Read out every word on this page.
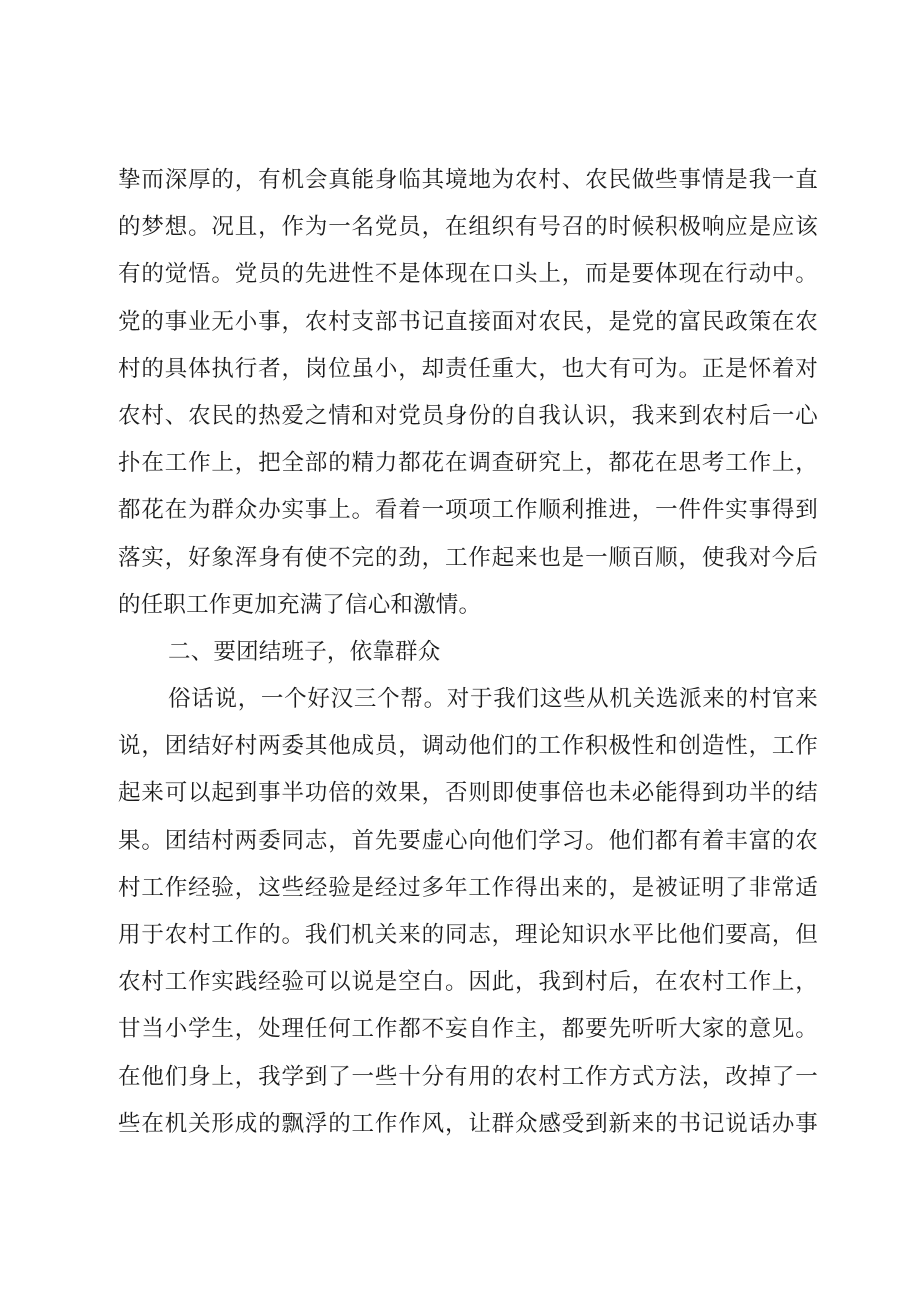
挚而深厚的，有机会真能身临其境地为农村、农民做些事情是我一直
的梦想。况且，作为一名党员，在组织有号召的时候积极响应是应该
有的觉悟。党员的先进性不是体现在口头上，而是要体现在行动中。
党的事业无小事，农村支部书记直接面对农民，是党的富民政策在农
村的具体执行者，岗位虽小，却责任重大，也大有可为。正是怀着对
农村、农民的热爱之情和对党员身份的自我认识，我来到农村后一心
扑在工作上，把全部的精力都花在调查研究上，都花在思考工作上，
都花在为群众办实事上。看着一项项工作顺利推进，一件件实事得到
落实，好象浑身有使不完的劲，工作起来也是一顺百顺，使我对今后
的任职工作更加充满了信心和激情。
二、要团结班子，依靠群众
俗话说，一个好汉三个帮。对于我们这些从机关选派来的村官来
说，团结好村两委其他成员，调动他们的工作积极性和创造性，工作
起来可以起到事半功倍的效果，否则即使事倍也未必能得到功半的结
果。团结村两委同志，首先要虚心向他们学习。他们都有着丰富的农
村工作经验，这些经验是经过多年工作得出来的，是被证明了非常适
用于农村工作的。我们机关来的同志，理论知识水平比他们要高，但
农村工作实践经验可以说是空白。因此，我到村后，在农村工作上，
甘当小学生，处理任何工作都不妄自作主，都要先听听大家的意见。
在他们身上，我学到了一些十分有用的农村工作方式方法，改掉了一
些在机关形成的飘浮的工作作风，让群众感受到新来的书记说话办事
